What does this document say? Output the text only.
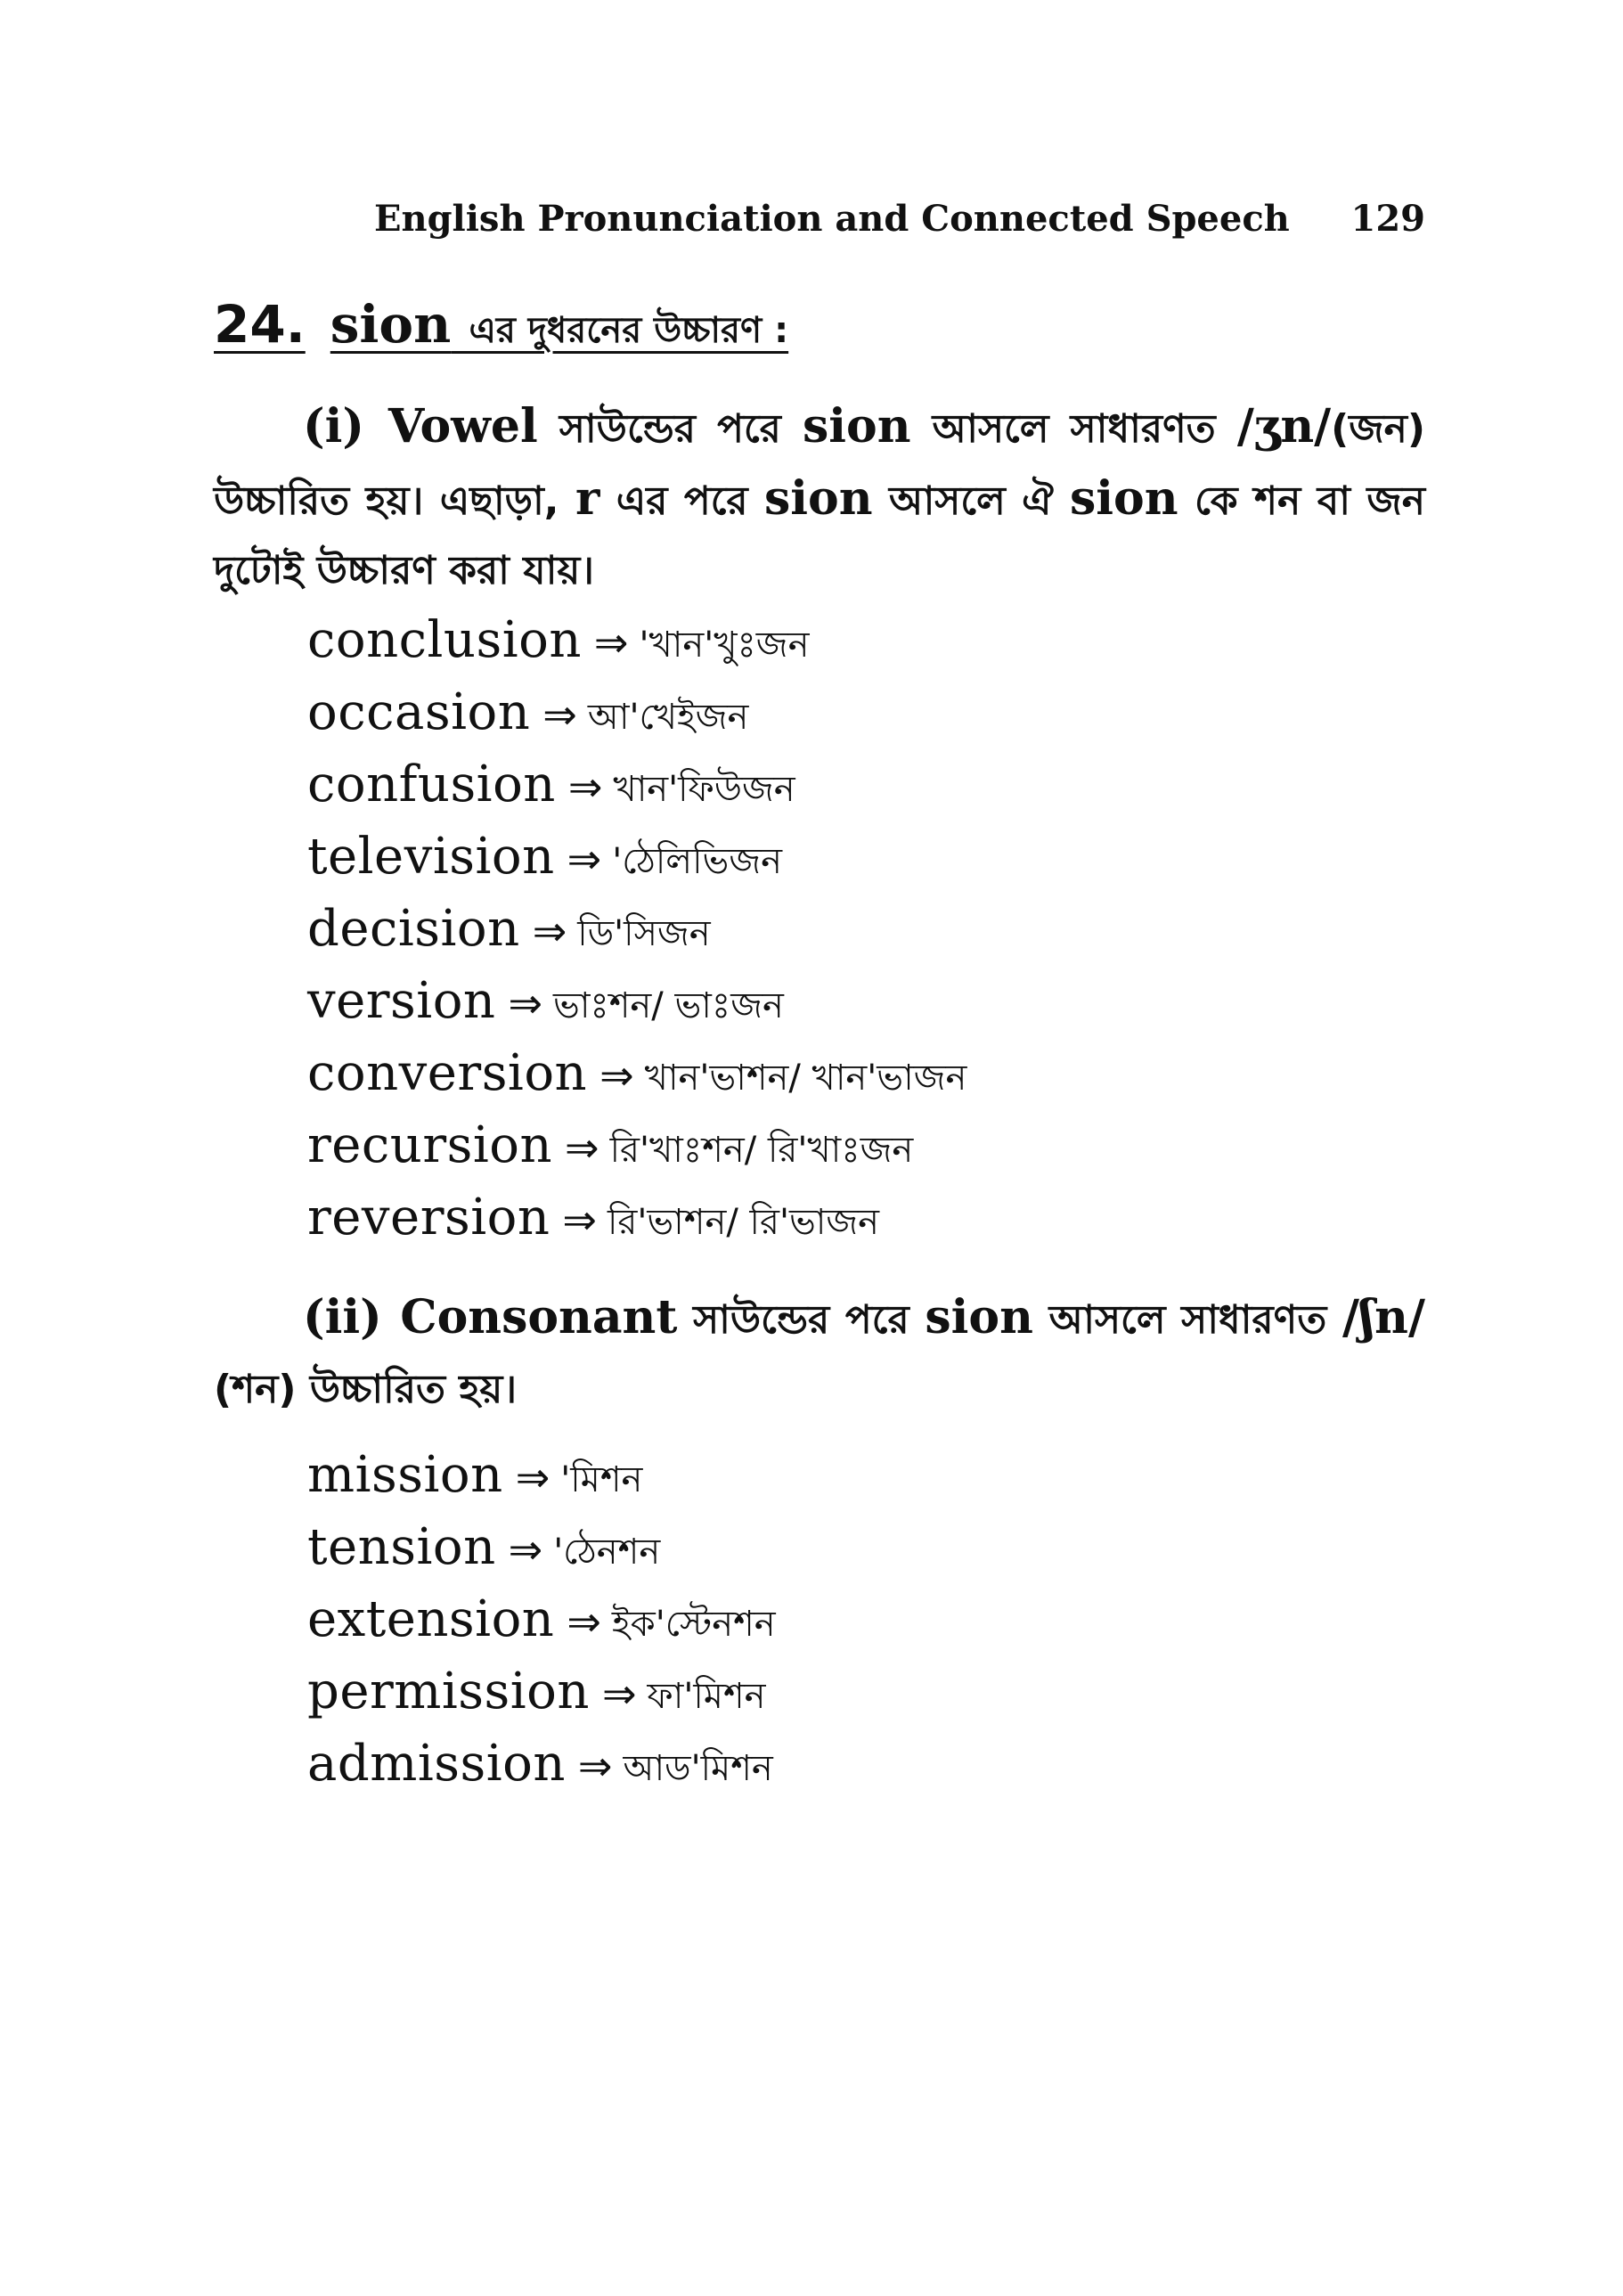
English Pronunciation and Connected Speech 129
24. sion এর দুধরনের উচ্চারণ :
(i) Vowel সাউন্ডের পরে sion আসলে সাধারণত /ʒn/(জন) উচ্চারিত হয়। এছাড়া, r এর পরে sion আসলে ঐ sion কে শন বা জন দুটোই উচ্চারণ করা যায়।
conclusion ⇒ 'খান'খুঃজন
occasion ⇒ আ'খেইজন
confusion ⇒ খান'ফিউজন
television ⇒ 'ঠেলিভিজন
decision ⇒ ডি'সিজন
version ⇒ ভাঃশন/ ভাঃজন
conversion ⇒ খান'ভাশন/ খান'ভাজন
recursion ⇒ রি'খাঃশন/ রি'খাঃজন
reversion ⇒ রি'ভাশন/ রি'ভাজন
(ii) Consonant সাউন্ডের পরে sion আসলে সাধারণত /ʃn/ (শন) উচ্চারিত হয়।
mission ⇒ 'মিশন
tension ⇒ 'ঠেনশন
extension ⇒ ইক'স্টেনশন
permission ⇒ ফা'মিশন
admission ⇒ আড'মিশন
